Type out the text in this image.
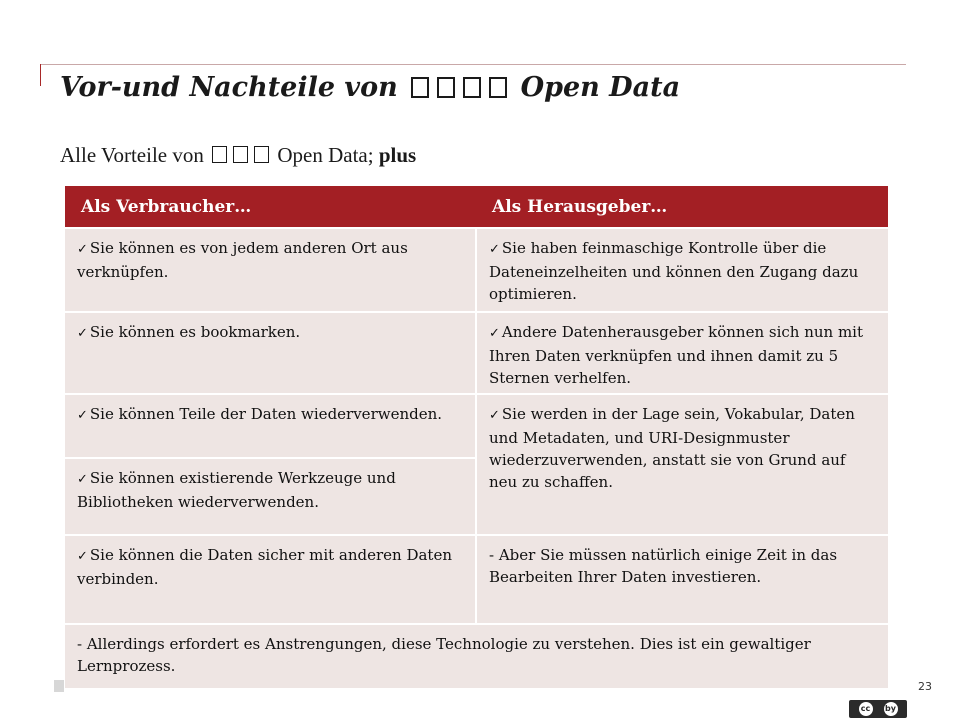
Vor-und Nachteile von	Open Data
Alle Vorteile von	Open Data; plus
Als Verbraucher…	Als Herausgeber…
✓ Sie können es von jedem anderen Ort aus verknüpfen.	✓ Sie haben feinmaschige Kontrolle über die Dateneinzelheiten und können den Zugang dazu optimieren.
✓ Sie können es bookmarken.	✓ Andere Datenherausgeber können sich nun mit Ihren Daten verknüpfen und ihnen damit zu 5 Sternen verhelfen.
✓ Sie können Teile der Daten wiederverwenden.	✓ Sie werden in der Lage sein, Vokabular, Daten und Metadaten, und URI-Designmuster wiederzuverwenden, anstatt sie von Grund auf neu zu schaffen.
✓ Sie können existierende Werkzeuge und Bibliotheken wiederverwenden.	
✓ Sie können die Daten sicher mit anderen Daten verbinden.	- Aber Sie müssen natürlich einige Zeit in das Bearbeiten Ihrer Daten investieren.
- Allerdings erfordert es Anstrengungen, diese Technologie zu verstehen. Dies ist ein gewaltiger Lernprozess.	
23
cc by
